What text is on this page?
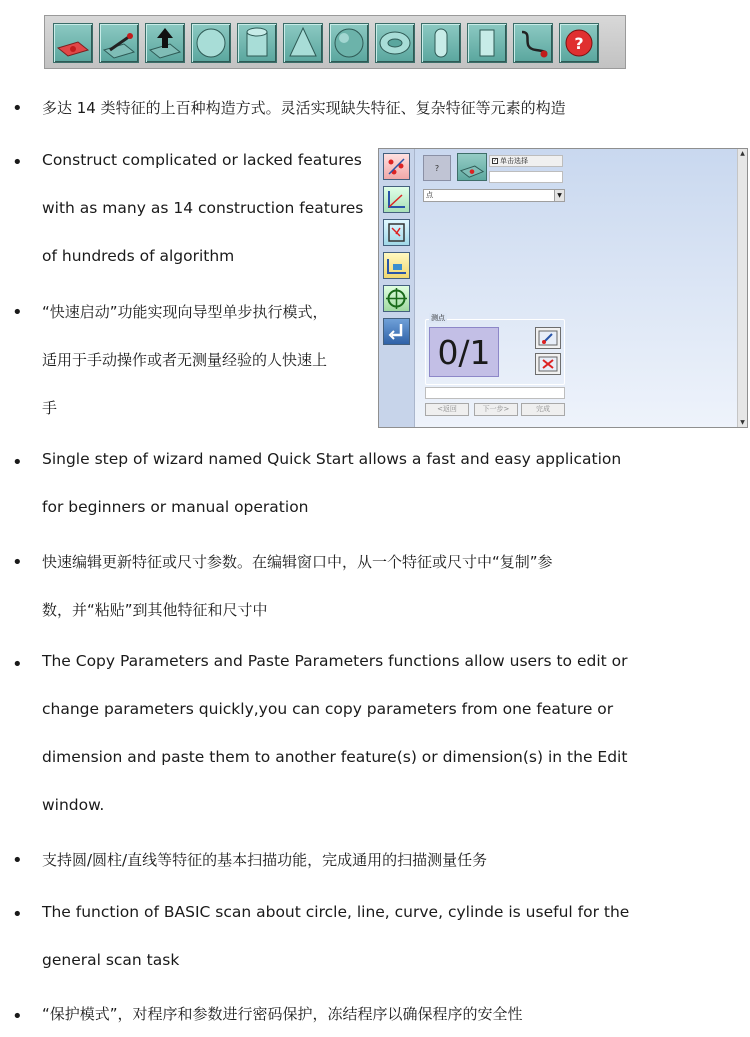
?
•
多达 14 类特征的上百种构造方式。灵活实现缺失特征、复杂特征等元素的构造
•
Construct complicated or lacked features
with as many as 14 construction features
of hundreds of algorithm
•
“快速启动”功能实现向导型单步执行模式，
适用于手动操作或者无测量经验的人快速上
手
•
Single step of wizard named Quick Start allows a fast and easy application
for beginners or manual operation
•
快速编辑更新特征或尺寸参数。在编辑窗口中，从一个特征或尺寸中“复制”参
数，并“粘贴”到其他特征和尺寸中
•
The Copy Parameters and Paste Parameters functions allow users to edit or
change parameters quickly,you can copy parameters from one feature or
dimension and paste them to another feature(s) or dimension(s) in the Edit
window.
•
支持圆/圆柱/直线等特征的基本扫描功能，完成通用的扫描测量任务
•
The function of BASIC scan about circle, line, curve, cylinde is useful for the
general scan task
•
“保护模式”，对程序和参数进行密码保护，冻结程序以确保程序的安全性
?
✓ 单击选择
点	▼
测点
0/1
<返回	下一步>	完成
▲
▼
